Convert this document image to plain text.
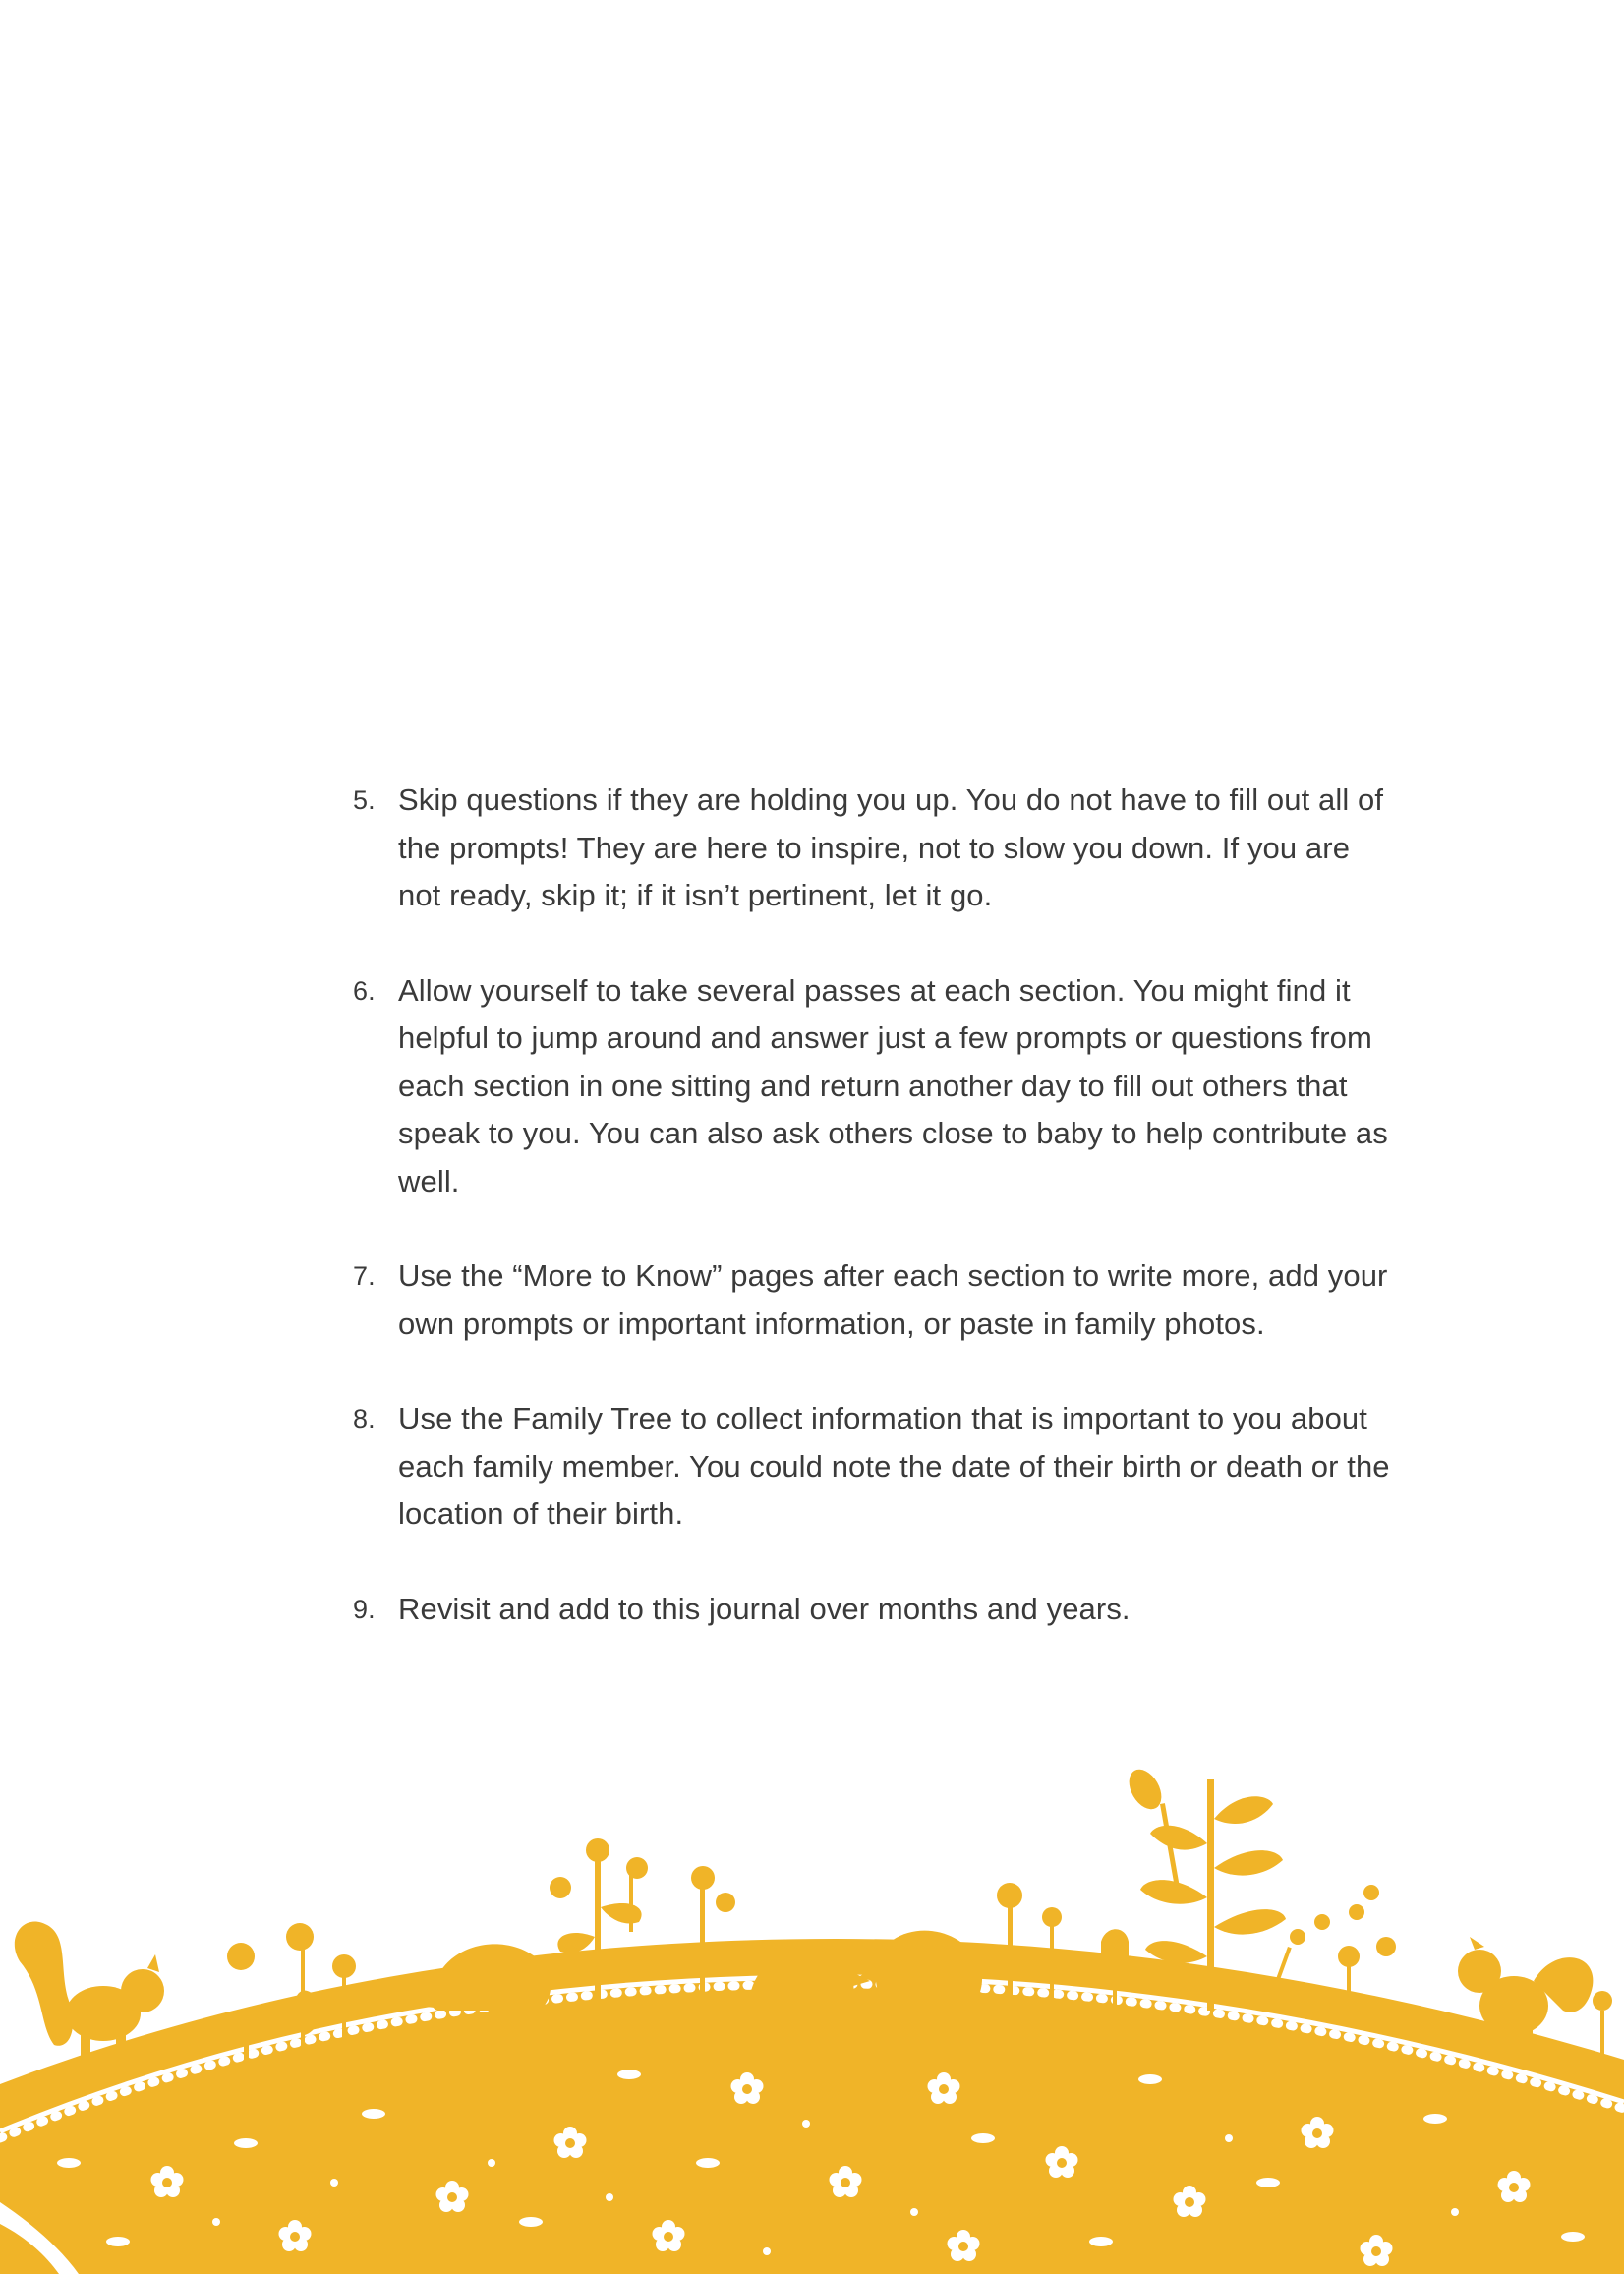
5. Skip questions if they are holding you up. You do not have to fill out all of the prompts! They are here to inspire, not to slow you down. If you are not ready, skip it; if it isn’t pertinent, let it go.
6. Allow yourself to take several passes at each section. You might find it helpful to jump around and answer just a few prompts or questions from each section in one sitting and return another day to fill out others that speak to you. You can also ask others close to baby to help contribute as well.
7. Use the “More to Know” pages after each section to write more, add your own prompts or important information, or paste in family photos.
8. Use the Family Tree to collect information that is important to you about each family member. You could note the date of their birth or death or the location of their birth.
9. Revisit and add to this journal over months and years.
